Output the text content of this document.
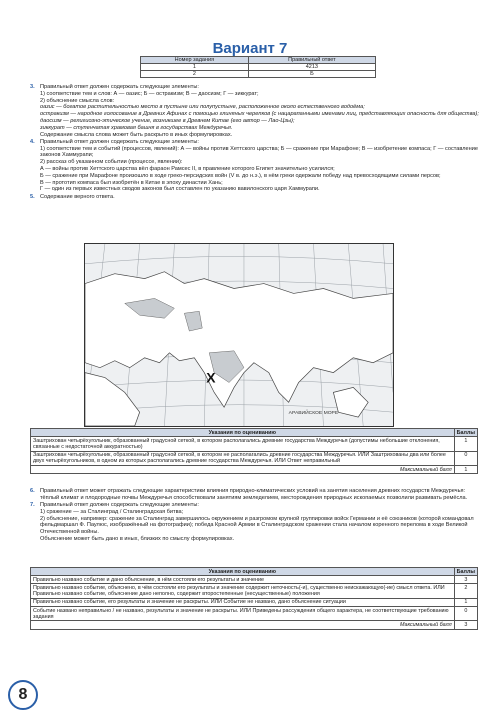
Вариант 7
Номер задания	Правильный ответ
1	4213
2	Б
3. Правильный ответ должен содержать следующие элементы:
1) соответствие тем и слов: А — оазис; Б — остракизм; В — даосизм; Г — зиккурат;
2) объяснение смысла слов:
оазис — богатое растительностью место в пустыне или полупустыне, расположенное около естественного водоёма;
остракизм — народное голосование в Древних Афинах с помощью глиняных черепков (с нацарапанными именами лиц, представляющих опасность для общества);
даосизм — религиозно-этическое учение, возникшее в Древнем Китае (его автор — Лао-Цзы);
зиккурат — ступенчатая храмовая башня в государствах Междуречья.
Содержание смысла слова может быть раскрыто в иных формулировках.
4. Правильный ответ должен содержать следующие элементы:
1) соответствие тем и событий (процессов, явлений): А — войны против Хеттского царства; Б — сражение при Марафоне; В — изобретение компаса; Г — составление законов Хаммурапи;
2) рассказ об указанном событии (процессе, явлении):
А — войны против Хеттского царства вёл фараон Рамсес II, в правление которого Египет значительно усилился;
Б — сражение при Марафоне произошло в ходе греко-персидских войн (V в. до н.э.), в нём греки одержали победу над превосходящими силами персов;
В — прототип компаса был изобретён в Китае в эпоху династии Хань;
Г — один из первых известных сводов законов был составлен по указанию вавилонского царя Хаммурапи.
5. Содержание верного ответа.
X
АРАВИЙСКОЕ МОРЕ
Указания по оцениванию	Баллы
Заштрихован четырёхугольник, образованный градусной сеткой, в котором располагались древние государства Междуречья (допустимы небольшие отклонения, связанные с недостаточной аккуратностью)	1
Заштрихован четырёхугольник, образованный градусной сеткой, в котором не располагались древние государства Междуречья. ИЛИ Заштрихованы два или более двух четырёхугольников, в одном из которых располагались древние государства Междуречья. ИЛИ Ответ неправильный	0
Максимальный балл	1
6. Правильный ответ может отражать следующие характеристики влияния природно-климатических условий на занятия населения древних государств Междуречья: тёплый климат и плодородные почвы Междуречья способствовали занятиям земледелием, месторождения природных ископаемых позволили развивать ремёсла.
7. Правильный ответ должен содержать следующие элементы:
1) сражение — за Сталинград / Сталинградская битва;
2) объяснение, например: сражение за Сталинград завершилось окружением и разгромом крупной группировки войск Германии и её союзников (которой командовал фельдмаршал Ф. Паулюс, изображённый на фотографии); победа Красной Армии в Сталинградском сражении стала началом коренного перелома в ходе Великой Отечественной войны.
Объяснение может быть дано в иных, близких по смыслу формулировках.
Указания по оцениванию	Баллы
Правильно названо событие и дано объяснение, в нём состояли его результаты и значение	3
Правильно названо событие, объяснено, в чём состояли его результаты и значение содержит неточность(-и), существенно неискажающую(-ие) смысл ответа. ИЛИ Правильно названо событие, объяснение дано неполно, содержит второстепенные (несущественные) положения	2
Правильно названо событие, его результаты и значение не раскрыты. ИЛИ Событие не названо, дано объяснение ситуации	1
Событие названо неправильно / не названо, результаты и значение не раскрыты. ИЛИ Приведены рассуждения общего характера, не соответствующие требованию задания	0
Максимальный балл	3
8
